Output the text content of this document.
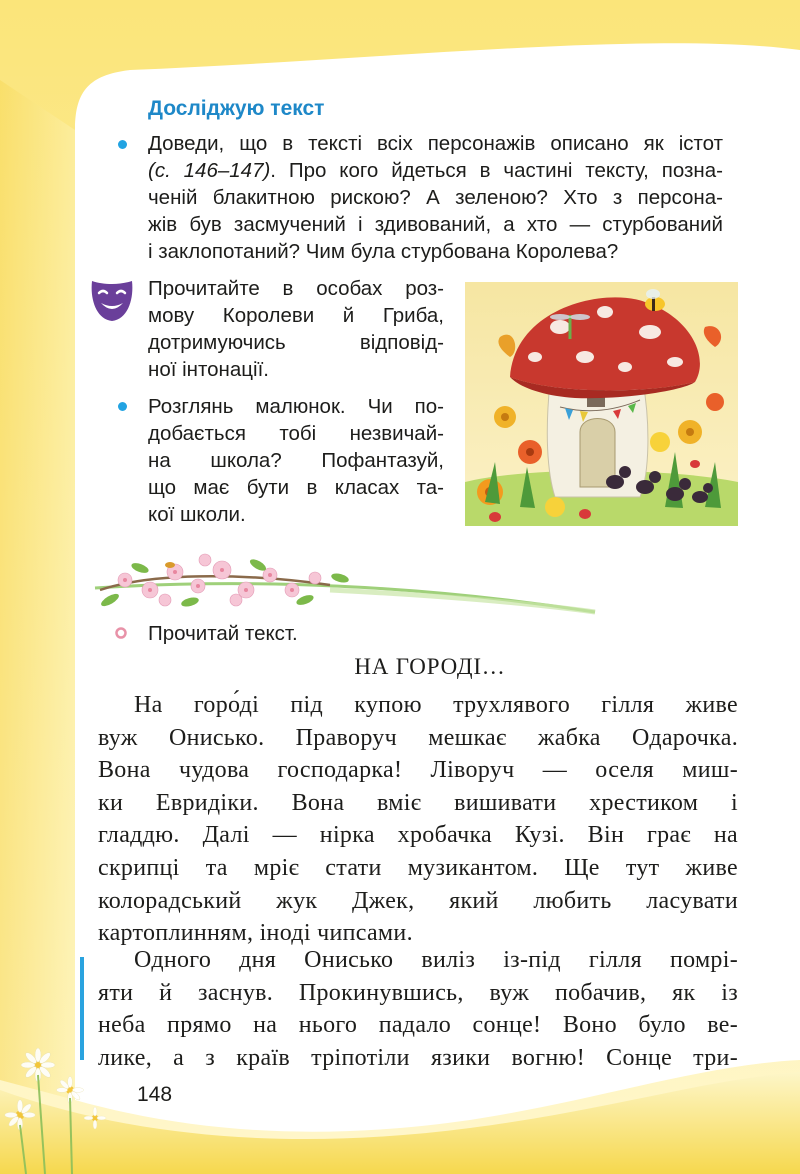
Досліджую текст
Доведи, що в тексті всіх персонажів описано як істот
(с. 146–147). Про кого йдеться в частині тексту, позна-
ченій блакитною рискою? А зеленою? Хто з персона-
жів був засмучений і здивований, а хто — стурбований
і заклопотаний? Чим була стурбована Королева?
Прочитайте в особах роз-
мову Королеви й Гриба,
дотримуючись відповід-
ної інтонації.
Розглянь малюнок. Чи по-
добається тобі незвичай-
на школа? Пофантазуй,
що має бути в класах та-
кої школи.
Прочитай текст.
НА ГОРОДІ…
На горо́ді під купою трухлявого гілля живе
вуж Онисько. Праворуч мешкає жабка Одарочка.
Вона чудова господарка! Ліворуч — оселя миш-
ки Евридіки. Вона вміє вишивати хрестиком і
гладдю. Далі — нірка хробачка Кузі. Він грає на
скрипці та мріє стати музикантом. Ще тут живе
колорадський жук Джек, який любить ласувати
картоплинням, іноді чипсами.
Одного дня Онисько виліз із-під гілля помрі-
яти й заснув. Прокинувшись, вуж побачив, як із
неба прямо на нього падало сонце! Воно було ве-
лике, а з країв тріпотіли язики вогню! Сонце три-
148
